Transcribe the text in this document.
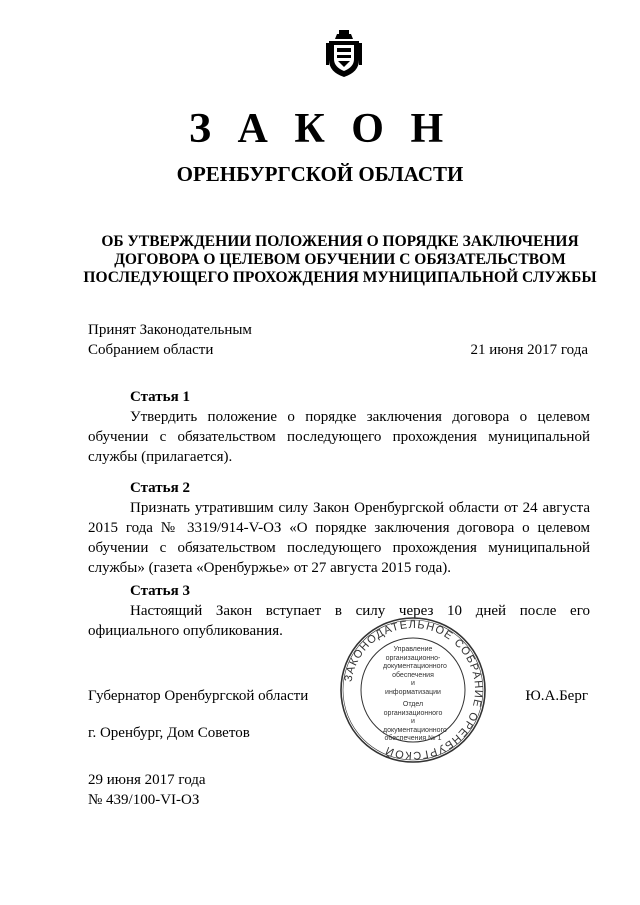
З А К О Н
ОРЕНБУРГСКОЙ ОБЛАСТИ
ОБ УТВЕРЖДЕНИИ ПОЛОЖЕНИЯ О ПОРЯДКЕ ЗАКЛЮЧЕНИЯ
ДОГОВОРА О ЦЕЛЕВОМ ОБУЧЕНИИ С ОБЯЗАТЕЛЬСТВОМ
ПОСЛЕДУЮЩЕГО ПРОХОЖДЕНИЯ МУНИЦИПАЛЬНОЙ СЛУЖБЫ
Принят Законодательным
Собранием области	21 июня 2017 года

Статья 1

Утвердить положение о порядке заключения договора о целевом обучении с обязательством последующего прохождения муниципальной службы (прилагается).

Статья 2

Признать утратившим силу Закон Оренбургской области от 24 августа 2015 года № 3319/914-V-ОЗ «О порядке заключения договора о целевом обучении с обязательством последующего прохождения муниципальной службы» (газета «Оренбуржье» от 27 августа 2015 года).

Статья 3

Настоящий Закон вступает в силу через 10 дней после его официального опубликования.

ЗАКОНОДАТЕЛЬНОЕ СОБРАНИЕ ОРЕНБУРГСКОЙ
Управление
организационно-
документационного
обеспечения
и информатизации
Отдел организационного
и документационного
обеспечения № 1
Губернатор Оренбургской области	Ю.А.Берг
г. Оренбург, Дом Советов
29 июня 2017 года
№ 439/100-VI-ОЗ
